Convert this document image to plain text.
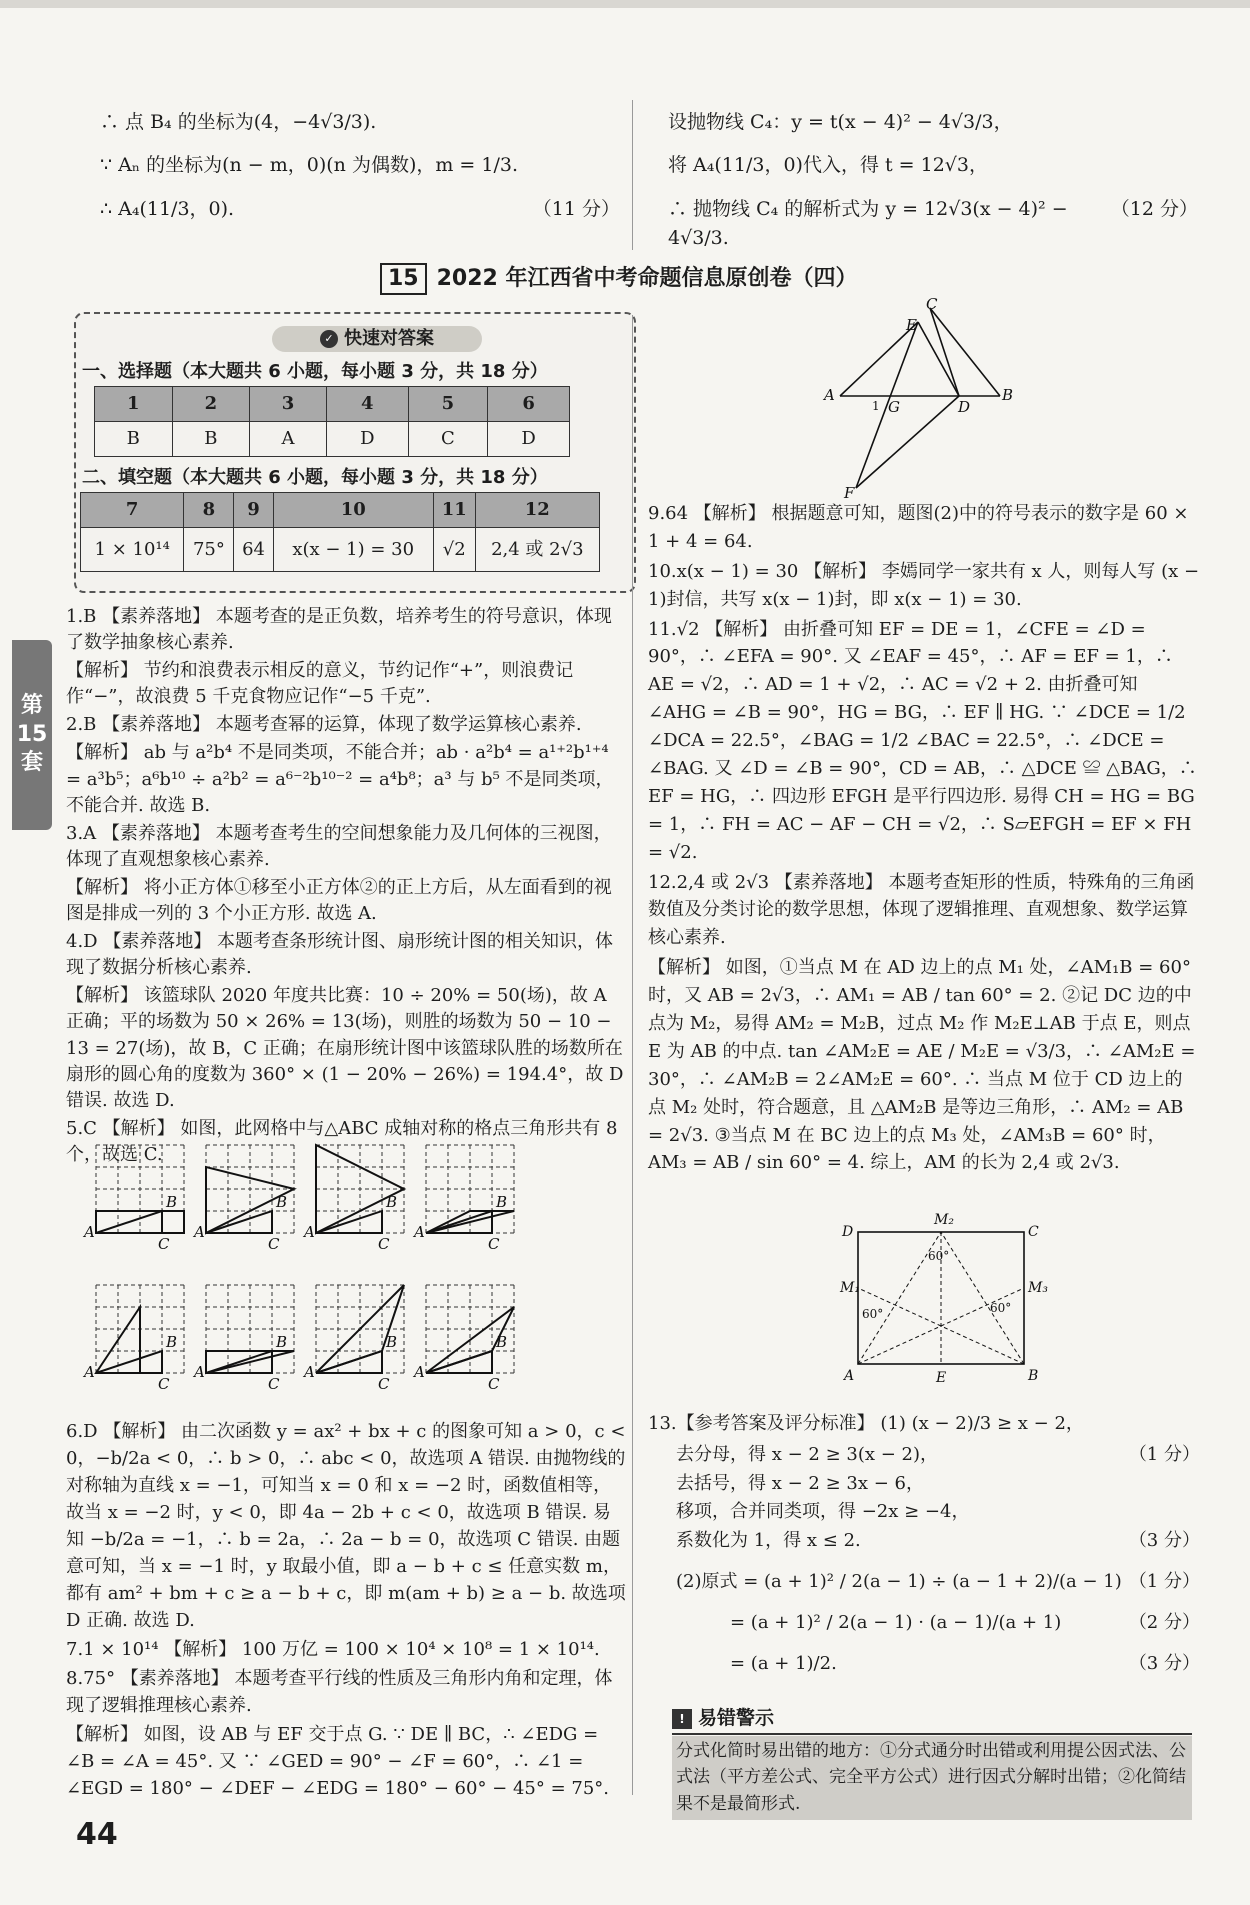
∴ 点 B₄ 的坐标为(4，−4√3/3).

∵ Aₙ 的坐标为(n − m，0)(n 为偶数)，m = 1/3.

∴ A₄(11/3，0).	（11 分）

设抛物线 C₄：y = t(x − 4)² − 4√3/3，

将 A₄(11/3，0)代入，得 t = 12√3，

∴ 抛物线 C₄ 的解析式为 y = 12√3(x − 4)² − 4√3/3.
（12 分）
15 2022 年江西省中考命题信息原创卷（四）
第
15
套
✓ 快速对答案
一、选择题（本大题共 6 小题，每小题 3 分，共 18 分）
1	2	3	4	5	6
B	B	A	D	C	D
二、填空题（本大题共 6 小题，每小题 3 分，共 18 分）
7	8	9	10	11	12
1 × 10¹⁴	75°	64	x(x − 1) = 30	√2	2,4 或 2√3

1.B 【素养落地】 本题考查的是正负数，培养考生的符号意识，体现了数学抽象核心素养.

【解析】 节约和浪费表示相反的意义，节约记作“+”，则浪费记作“−”，故浪费 5 千克食物应记作“−5 千克”.

2.B 【素养落地】 本题考查幂的运算，体现了数学运算核心素养.

【解析】 ab 与 a²b⁴ 不是同类项，不能合并；ab · a²b⁴ = a¹⁺²b¹⁺⁴ = a³b⁵；a⁶b¹⁰ ÷ a²b² = a⁶⁻²b¹⁰⁻² = a⁴b⁸；a³ 与 b⁵ 不是同类项，不能合并. 故选 B.

3.A 【素养落地】 本题考查考生的空间想象能力及几何体的三视图，体现了直观想象核心素养.

【解析】 将小正方体①移至小正方体②的正上方后，从左面看到的视图是排成一列的 3 个小正方形. 故选 A.

4.D 【素养落地】 本题考查条形统计图、扇形统计图的相关知识，体现了数据分析核心素养.

【解析】 该篮球队 2020 年度共比赛：10 ÷ 20% = 50(场)，故 A 正确；平的场数为 50 × 26% = 13(场)，则胜的场数为 50 − 10 − 13 = 27(场)，故 B，C 正确；在扇形统计图中该篮球队胜的场数所在扇形的圆心角的度数为 360° × (1 − 20% − 26%) = 194.4°，故 D 错误. 故选 D.

5.C 【解析】 如图，此网格中与△ABC 成轴对称的格点三角形共有 8 个，故选 C.

A
B
C
A
B
C
A
B
C
A
B
C
A
B
C
A
B
C
A
B
C
A
B
C

6.D 【解析】 由二次函数 y = ax² + bx + c 的图象可知 a > 0，c < 0，−b/2a < 0，∴ b > 0，∴ abc < 0，故选项 A 错误. 由抛物线的对称轴为直线 x = −1，可知当 x = 0 和 x = −2 时，函数值相等，故当 x = −2 时，y < 0，即 4a − 2b + c < 0，故选项 B 错误. 易知 −b/2a = −1，∴ b = 2a，∴ 2a − b = 0，故选项 C 错误. 由题意可知，当 x = −1 时，y 取最小值，即 a − b + c ≤ 任意实数 m，都有 am² + bm + c ≥ a − b + c，即 m(am + b) ≥ a − b. 故选项 D 正确. 故选 D.

7.1 × 10¹⁴ 【解析】 100 万亿 = 100 × 10⁴ × 10⁸ = 1 × 10¹⁴.

8.75° 【素养落地】 本题考查平行线的性质及三角形内角和定理，体现了逻辑推理核心素养.

【解析】 如图，设 AB 与 EF 交于点 G. ∵ DE ∥ BC，∴ ∠EDG = ∠B = ∠A = 45°. 又 ∵ ∠GED = 90° − ∠F = 60°，∴ ∠1 = ∠EGD = 180° − ∠DEF − ∠EDG = 180° − 60° − 45° = 75°.

C
E
A
G
1	D
B
F

9.64 【解析】 根据题意可知，题图(2)中的符号表示的数字是 60 × 1 + 4 = 64.

10.x(x − 1) = 30 【解析】 李嫣同学一家共有 x 人，则每人写 (x − 1)封信，共写 x(x − 1)封，即 x(x − 1) = 30.

11.√2 【解析】 由折叠可知 EF = DE = 1，∠CFE = ∠D = 90°，∴ ∠EFA = 90°. 又 ∠EAF = 45°，∴ AF = EF = 1，∴ AE = √2，∴ AD = 1 + √2，∴ AC = √2 + 2. 由折叠可知 ∠AHG = ∠B = 90°，HG = BG，∴ EF ∥ HG. ∵ ∠DCE = 1/2 ∠DCA = 22.5°，∠BAG = 1/2 ∠BAC = 22.5°，∴ ∠DCE = ∠BAG. 又 ∠D = ∠B = 90°，CD = AB，∴ △DCE ≌ △BAG，∴ EF = HG，∴ 四边形 EFGH 是平行四边形. 易得 CH = HG = BG = 1，∴ FH = AC − AF − CH = √2，∴ S▱EFGH = EF × FH = √2.

12.2,4 或 2√3 【素养落地】 本题考查矩形的性质，特殊角的三角函数值及分类讨论的数学思想，体现了逻辑推理、直观想象、数学运算核心素养.

【解析】 如图，①当点 M 在 AD 边上的点 M₁ 处，∠AM₁B = 60° 时，又 AB = 2√3，∴ AM₁ = AB / tan 60° = 2. ②记 DC 边的中点为 M₂，易得 AM₂ = M₂B，过点 M₂ 作 M₂E⊥AB 于点 E，则点 E 为 AB 的中点. tan ∠AM₂E = AE / M₂E = √3/3，∴ ∠AM₂E = 30°，∴ ∠AM₂B = 2∠AM₂E = 60°. ∴ 当点 M 位于 CD 边上的点 M₂ 处时，符合题意，且 △AM₂B 是等边三角形，∴ AM₂ = AB = 2√3. ③当点 M 在 BC 边上的点 M₃ 处，∠AM₃B = 60° 时，AM₃ = AB / sin 60° = 4. 综上，AM 的长为 2,4 或 2√3.

D
M₂
C
M₁	M₃
A	E	B
60°
60°	60°

13.【参考答案及评分标准】 (1) (x − 2)/3 ≥ x − 2，

去分母，得 x − 2 ≥ 3(x − 2)，	（1 分）
去括号，得 x − 2 ≥ 3x − 6，
移项，合并同类项，得 −2x ≥ −4，
系数化为 1，得 x ≤ 2.	（3 分）
(2)原式 = (a + 1)² / 2(a − 1) ÷ (a − 1 + 2)/(a − 1) （1 分）
　　　= (a + 1)² / 2(a − 1) · (a − 1)/(a + 1)	（2 分）
　　　= (a + 1)/2.	（3 分）
! 易错警示
分式化简时易出错的地方：①分式通分时出错或利用提公因式法、公式法（平方差公式、完全平方公式）进行因式分解时出错；②化简结果不是最简形式.
44
